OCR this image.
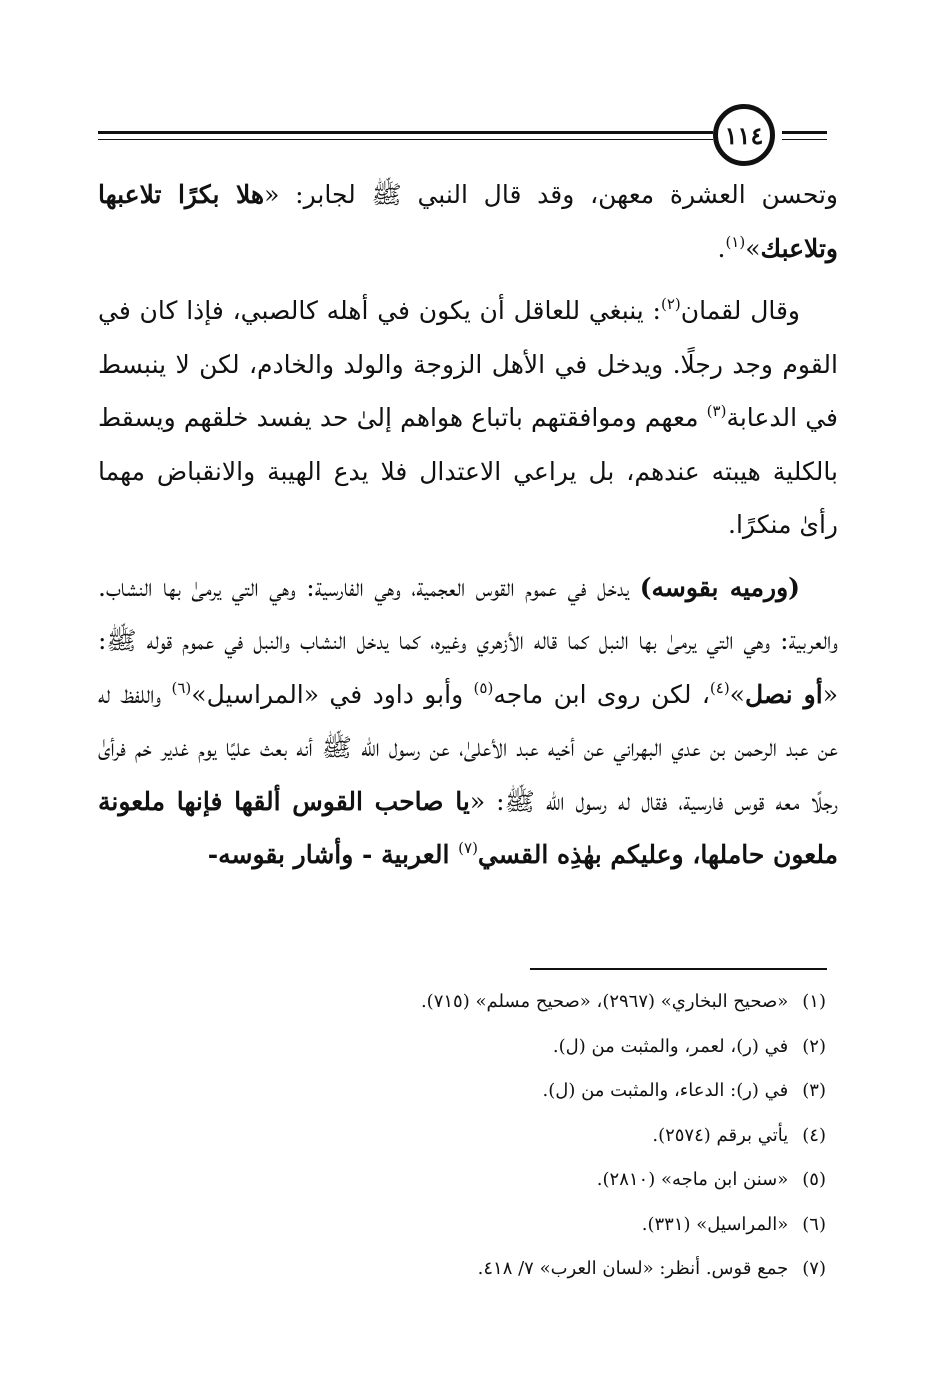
١١٤

وتحسن العشرة معهن، وقد قال النبي ﷺ لجابر: «هلا بكرًا تلاعبها وتلاعبك»$^{(١)}$.

وقال لقمان$^{(٢)}$: ينبغي للعاقل أن يكون في أهله كالصبي، فإذا كان في القوم وجد رجلًا. ويدخل في الأهل الزوجة والولد والخادم، لكن لا ينبسط في الدعابة$^{(٣)}$ معهم وموافقتهم باتباع هواهم إلىٰ حد يفسد خلقهم ويسقط بالكلية هيبته عندهم، بل يراعي الاعتدال فلا يدع الهيبة والانقباض مهما رأىٰ منكرًا.

(ورميه بقوسه) يدخل في عموم القوس العجمية، وهي الفارسية: وهي التي يرمىٰ بها النشاب. والعربية: وهي التي يرمىٰ بها النبل كما قاله الأزهري وغيره، كما يدخل النشاب والنبل في عموم قوله ﷺ: «أو نصل»$^{(٤)}$، لكن روى ابن ماجه$^{(٥)}$ وأبو داود في «المراسيل»$^{(٦)}$ واللفظ له عن عبد الرحمن بن عدي البهراني عن أخيه عبد الأعلىٰ، عن رسول الله ﷺ أنه بعث عليًا يوم غدير خم فرأىٰ رجلًا معه قوس فارسية، فقال له رسول الله ﷺ: «يا صاحب القوس ألقها فإنها ملعونة ملعون حاملها، وعليكم بهٰذِه القسي$^{(٧)}$ العربية - وأشار بقوسه-

(١)«صحيح البخاري» (٢٩٦٧)، «صحيح مسلم» (٧١٥).
(٢)في (ر)، لعمر، والمثبت من (ل).
(٣)في (ر): الدعاء، والمثبت من (ل).
(٤)يأتي برقم (٢٥٧٤).
(٥)«سنن ابن ماجه» (٢٨١٠).
(٦)«المراسيل» (٣٣١).
(٧)جمع قوس. أنظر: «لسان العرب» ٧/ ٤١٨.
